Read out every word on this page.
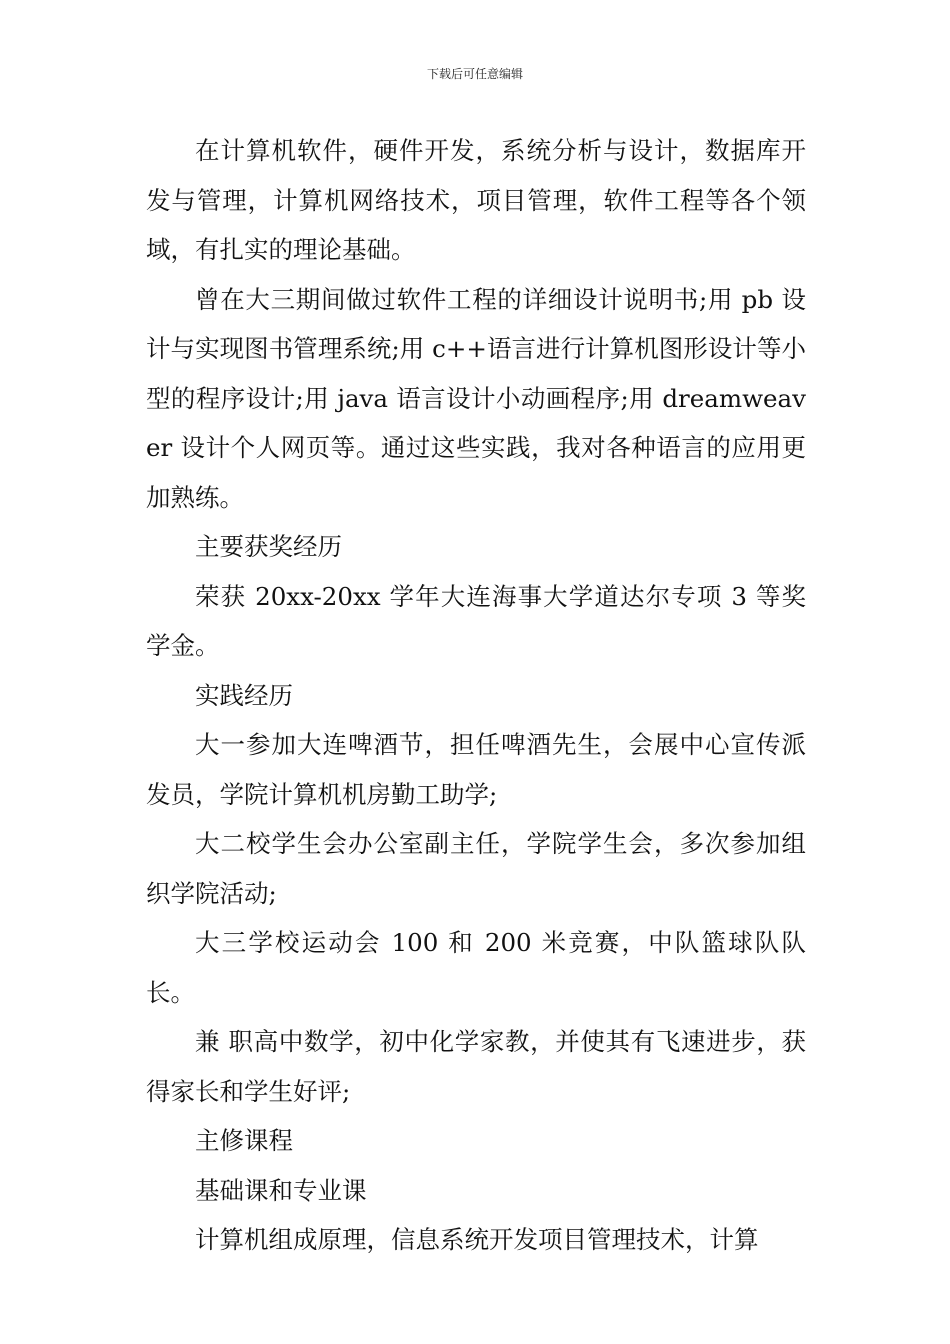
下载后可任意编辑

在计算机软件，硬件开发，系统分析与设计，数据库开发与管理，计算机网络技术，项目管理，软件工程等各个领域，有扎实的理论基础。

曾在大三期间做过软件工程的详细设计说明书;用 pb 设计与实现图书管理系统;用 c++语言进行计算机图形设计等小型的程序设计;用 java 语言设计小动画程序;用 dreamweaver 设计个人网页等。通过这些实践，我对各种语言的应用更加熟练。

主要获奖经历

荣获 20xx-20xx 学年大连海事大学道达尔专项 3 等奖学金。

实践经历

大一参加大连啤酒节，担任啤酒先生，会展中心宣传派发员，学院计算机机房勤工助学;

大二校学生会办公室副主任，学院学生会，多次参加组织学院活动;

大三学校运动会 100 和 200 米竞赛，中队篮球队队长。

兼 职高中数学，初中化学家教，并使其有飞速进步，获得家长和学生好评;

主修课程

基础课和专业课

计算机组成原理，信息系统开发项目管理技术，计算
